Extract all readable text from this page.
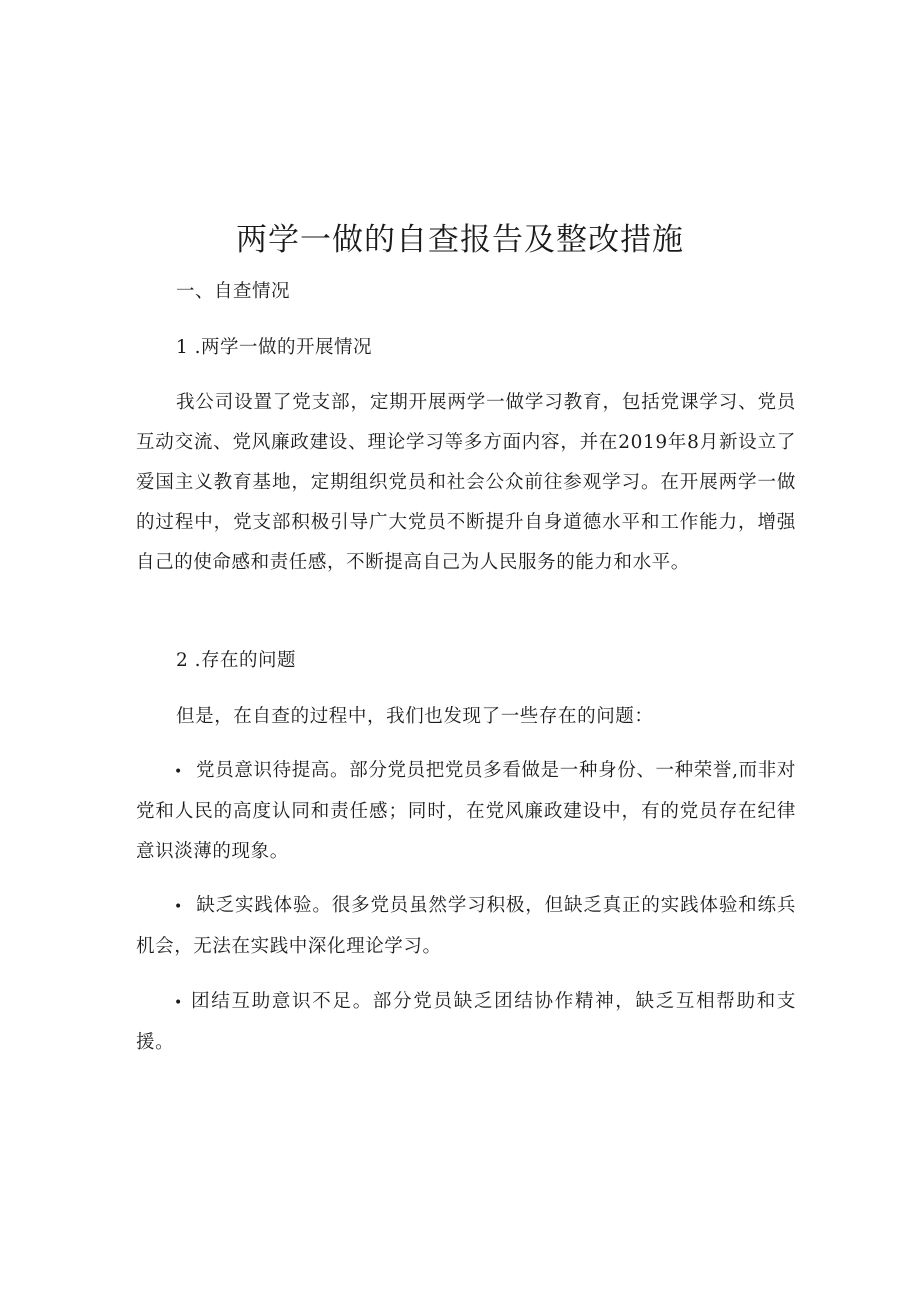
两学一做的自查报告及整改措施

一、自查情况

1 .两学一做的开展情况

我公司设置了党支部，定期开展两学一做学习教育，包括党课学习、党员互动交流、党风廉政建设、理论学习等多方面内容，并在2019年8月新设立了爱国主义教育基地，定期组织党员和社会公众前往参观学习。在开展两学一做的过程中，党支部积极引导广大党员不断提升自身道德水平和工作能力，增强自己的使命感和责任感，不断提高自己为人民服务的能力和水平。

2 .存在的问题

但是，在自查的过程中，我们也发现了一些存在的问题：

• 党员意识待提高。部分党员把党员多看做是一种身份、一种荣誉,而非对党和人民的高度认同和责任感；同时，在党风廉政建设中，有的党员存在纪律意识淡薄的现象。

• 缺乏实践体验。很多党员虽然学习积极，但缺乏真正的实践体验和练兵机会，无法在实践中深化理论学习。

• 团结互助意识不足。部分党员缺乏团结协作精神，缺乏互相帮助和支援。
